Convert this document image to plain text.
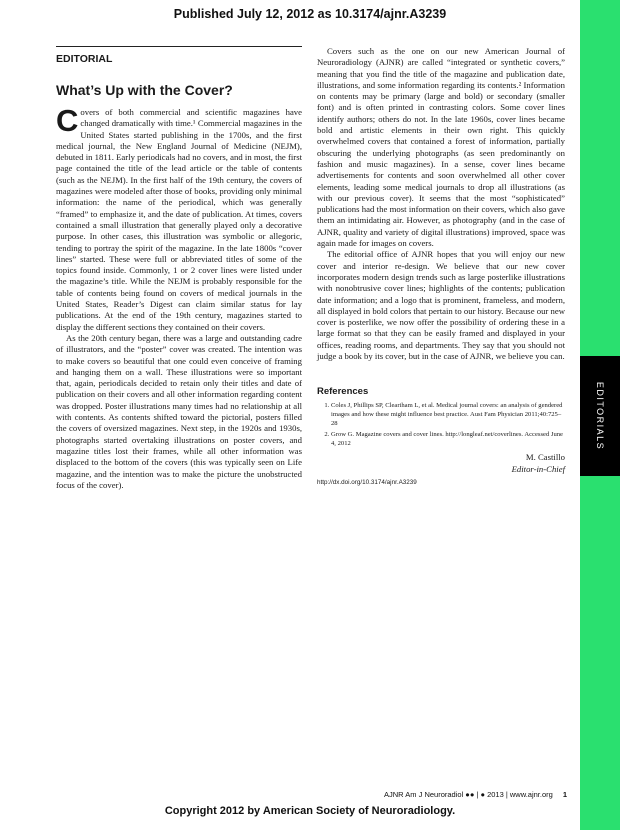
Published July 12, 2012 as 10.3174/ajnr.A3239
EDITORIALS
EDITORIAL
What’s Up with the Cover?

Covers of both commercial and scientific magazines have changed dramatically with time.¹ Commercial magazines in the United States started publishing in the 1700s, and the first medical journal, the New England Journal of Medicine (NEJM), debuted in 1811. Early periodicals had no covers, and in most, the first page contained the title of the lead article or the table of contents (such as the NEJM). In the first half of the 19th century, the covers of magazines were modeled after those of books, providing only minimal information: the name of the periodical, which was generally “framed” to emphasize it, and the date of publication. At times, covers contained a small illustration that generally played only a decorative purpose. In other cases, this illustration was symbolic or allegoric, tending to portray the spirit of the magazine. In the late 1800s “cover lines” started. These were full or abbreviated titles of some of the topics found inside. Commonly, 1 or 2 cover lines were listed under the magazine’s title. While the NEJM is probably responsible for the table of contents being found on covers of medical journals in the United States, Reader’s Digest can claim similar status for lay publications. At the end of the 19th century, magazines started to display the different sections they contained on their covers.

As the 20th century began, there was a large and outstanding cadre of illustrators, and the “poster” cover was created. The intention was to make covers so beautiful that one could even conceive of framing and hanging them on a wall. These illustrations were so important that, again, periodicals decided to retain only their titles and date of publication on their covers and all other information regarding content was dropped. Poster illustrations many times had no relationship at all with contents. As contents shifted toward the pictorial, posters filled the covers of oversized magazines. Next step, in the 1920s and 1930s, photographs started overtaking illustrations on poster covers, and magazine titles lost their frames, while all other information was displaced to the bottom of the covers (this was typically seen on Life magazine, and the intention was to make the picture the unobstructed focus of the cover).

Covers such as the one on our new American Journal of Neuroradiology (AJNR) are called “integrated or synthetic covers,” meaning that you find the title of the magazine and publication date, illustrations, and some information regarding its contents.² Information on contents may be primary (large and bold) or secondary (smaller font) and is often printed in contrasting colors. Some cover lines identify authors; others do not. In the late 1960s, cover lines became bold and artistic elements in their own right. This quickly overwhelmed covers that contained a forest of information, partially obscuring the underlying photographs (as seen predominantly on fashion and music magazines). In a sense, cover lines became advertisements for contents and soon overwhelmed all other cover elements, leading some medical journals to drop all illustrations (as with our previous cover). It seems that the most “sophisticated” publications had the most information on their covers, which also gave them an intimidating air. However, as photography (and in the case of AJNR, quality and variety of digital illustrations) improved, space was again made for images on covers.

The editorial office of AJNR hopes that you will enjoy our new cover and interior re-design. We believe that our new cover incorporates modern design trends such as large posterlike illustrations with nonobtrusive cover lines; highlights of the contents; publication date information; and a logo that is prominent, frameless, and modern, all displayed in bold colors that pertain to our history. Because our new cover is posterlike, we now offer the possibility of ordering these in a large format so that they can be easily framed and displayed in your offices, reading rooms, and departments. They say that you should not judge a book by its cover, but in the case of AJNR, we believe you can.

References
1. Coles J, Phillips SP, Cleariham L, et al. Medical journal covers: an analysis of gendered images and how these might influence best practice. Aust Fam Physician 2011;40:725–28
2. Grow G. Magazine covers and cover lines. http://longleaf.net/coverlines. Accessed June 4, 2012
M. Castillo
Editor-in-Chief
http://dx.doi.org/10.3174/ajnr.A3239
AJNR Am J Neuroradiol ●● | ● 2013 | www.ajnr.org 1
Copyright 2012 by American Society of Neuroradiology.
